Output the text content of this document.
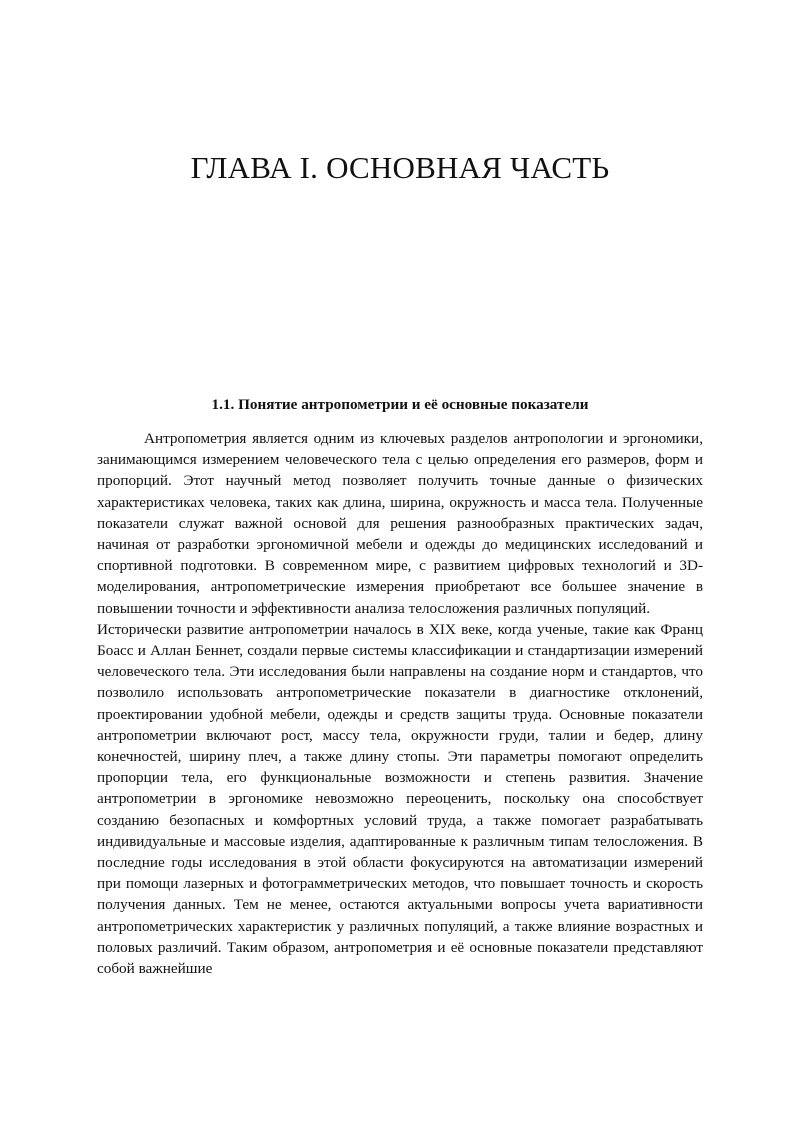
ГЛАВА I. ОСНОВНАЯ ЧАСТЬ
1.1. Понятие антропометрии и её основные показатели

Антропометрия является одним из ключевых разделов антропологии и эргономики, занимающимся измерением человеческого тела с целью определения его размеров, форм и пропорций. Этот научный метод позволяет получить точные данные о физических характеристиках человека, таких как длина, ширина, окружность и масса тела. Полученные показатели служат важной основой для решения разнообразных практических задач, начиная от разработки эргономичной мебели и одежды до медицинских исследований и спортивной подготовки. В современном мире, с развитием цифровых технологий и 3D-моделирования, антропометрические измерения приобретают все большее значение в повышении точности и эффективности анализа телосложения различных популяций.

Исторически развитие антропометрии началось в XIX веке, когда ученые, такие как Франц Боасс и Аллан Беннет, создали первые системы классификации и стандартизации измерений человеческого тела. Эти исследования были направлены на создание норм и стандартов, что позволило использовать антропометрические показатели в диагностике отклонений, проектировании удобной мебели, одежды и средств защиты труда. Основные показатели антропометрии включают рост, массу тела, окружности груди, талии и бедер, длину конечностей, ширину плеч, а также длину стопы. Эти параметры помогают определить пропорции тела, его функциональные возможности и степень развития. Значение антропометрии в эргономике невозможно переоценить, поскольку она способствует созданию безопасных и комфортных условий труда, а также помогает разрабатывать индивидуальные и массовые изделия, адаптированные к различным типам телосложения. В последние годы исследования в этой области фокусируются на автоматизации измерений при помощи лазерных и фотограмметрических методов, что повышает точность и скорость получения данных. Тем не менее, остаются актуальными вопросы учета вариативности антропометрических характеристик у различных популяций, а также влияние возрастных и половых различий. Таким образом, антропометрия и её основные показатели представляют собой важнейшие
